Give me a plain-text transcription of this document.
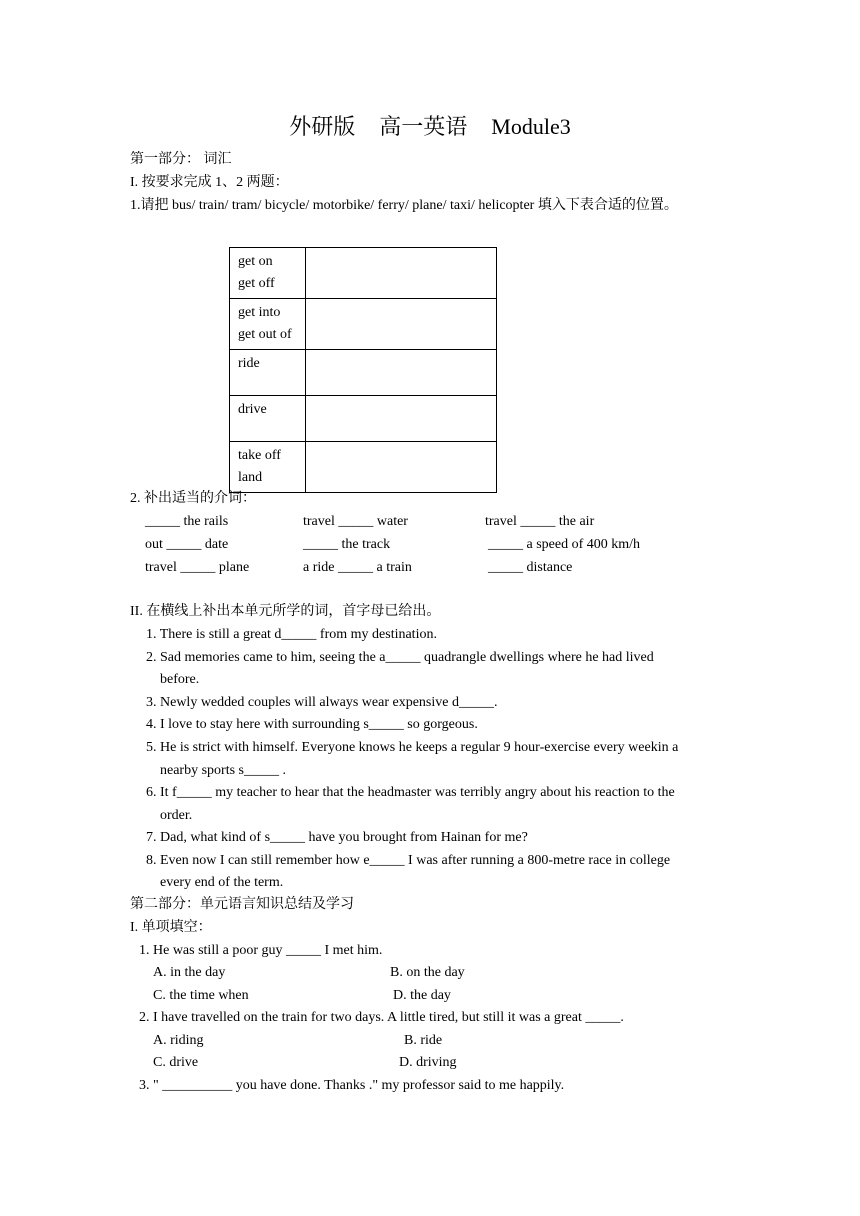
外研版 高一英语 Module3
第一部分： 词汇
I. 按要求完成 1、2 两题：
1.请把 bus/ train/ tram/ bicycle/ motorbike/ ferry/ plane/ taxi/ helicopter 填入下表合适的位置。
get on
get off	

get into
get out of	

ride	

drive	

take off
land	

2. 补出适当的介词：
_____ the rails	travel _____ water	travel _____ the air
out _____ date	_____ the track	_____ a speed of 400 km/h
travel _____ plane	a ride _____ a train	_____ distance
II. 在横线上补出本单元所学的词，首字母已给出。
1. There is still a great d_____ from my destination.
2. Sad memories came to him, seeing the a_____ quadrangle dwellings where he had lived
before.
3. Newly wedded couples will always wear expensive d_____.
4. I love to stay here with surrounding s_____ so gorgeous.
5. He is strict with himself. Everyone knows he keeps a regular 9 hour-exercise every weekin a
nearby sports s_____ .
6. It f_____ my teacher to hear that the headmaster was terribly angry about his reaction to the
order.
7. Dad, what kind of s_____ have you brought from Hainan for me?
8. Even now I can still remember how e_____ I was after running a 800-metre race in college
every end of the term.
第二部分：单元语言知识总结及学习
I. 单项填空：
1. He was still a poor guy _____ I met him.
A. in the day	B. on the day
C. the time when	D. the day
2. I have travelled on the train for two days. A little tired, but still it was a great _____.
A. riding	B. ride
C. drive	D. driving
3. " __________ you have done. Thanks ." my professor said to me happily.
